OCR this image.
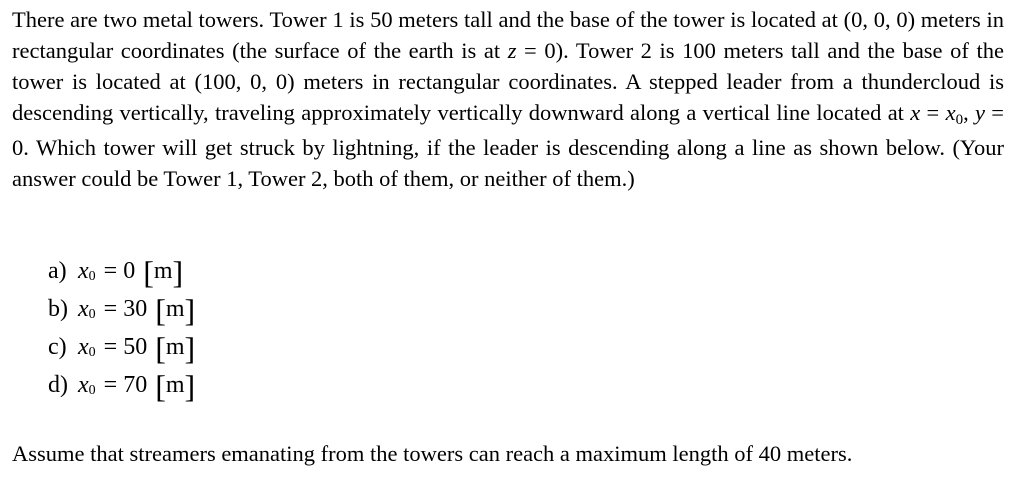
There are two metal towers. Tower 1 is 50 meters tall and the base of the tower is located at (0, 0, 0) meters in rectangular coordinates (the surface of the earth is at z = 0). Tower 2 is 100 meters tall and the base of the tower is located at (100, 0, 0) meters in rectangular coordinates. A stepped leader from a thundercloud is descending vertically, traveling approximately vertically downward along a vertical line located at x = x0, y = 0. Which tower will get struck by lightning, if the leader is descending along a line as shown below. (Your answer could be Tower 1, Tower 2, both of them, or neither of them.)

a) x 0 = 0 [ m ]
b) x 0 = 30 [ m ]
c) x 0 = 50 [ m ]
d) x 0 = 70 [ m ]

Assume that streamers emanating from the towers can reach a maximum length of 40 meters.
